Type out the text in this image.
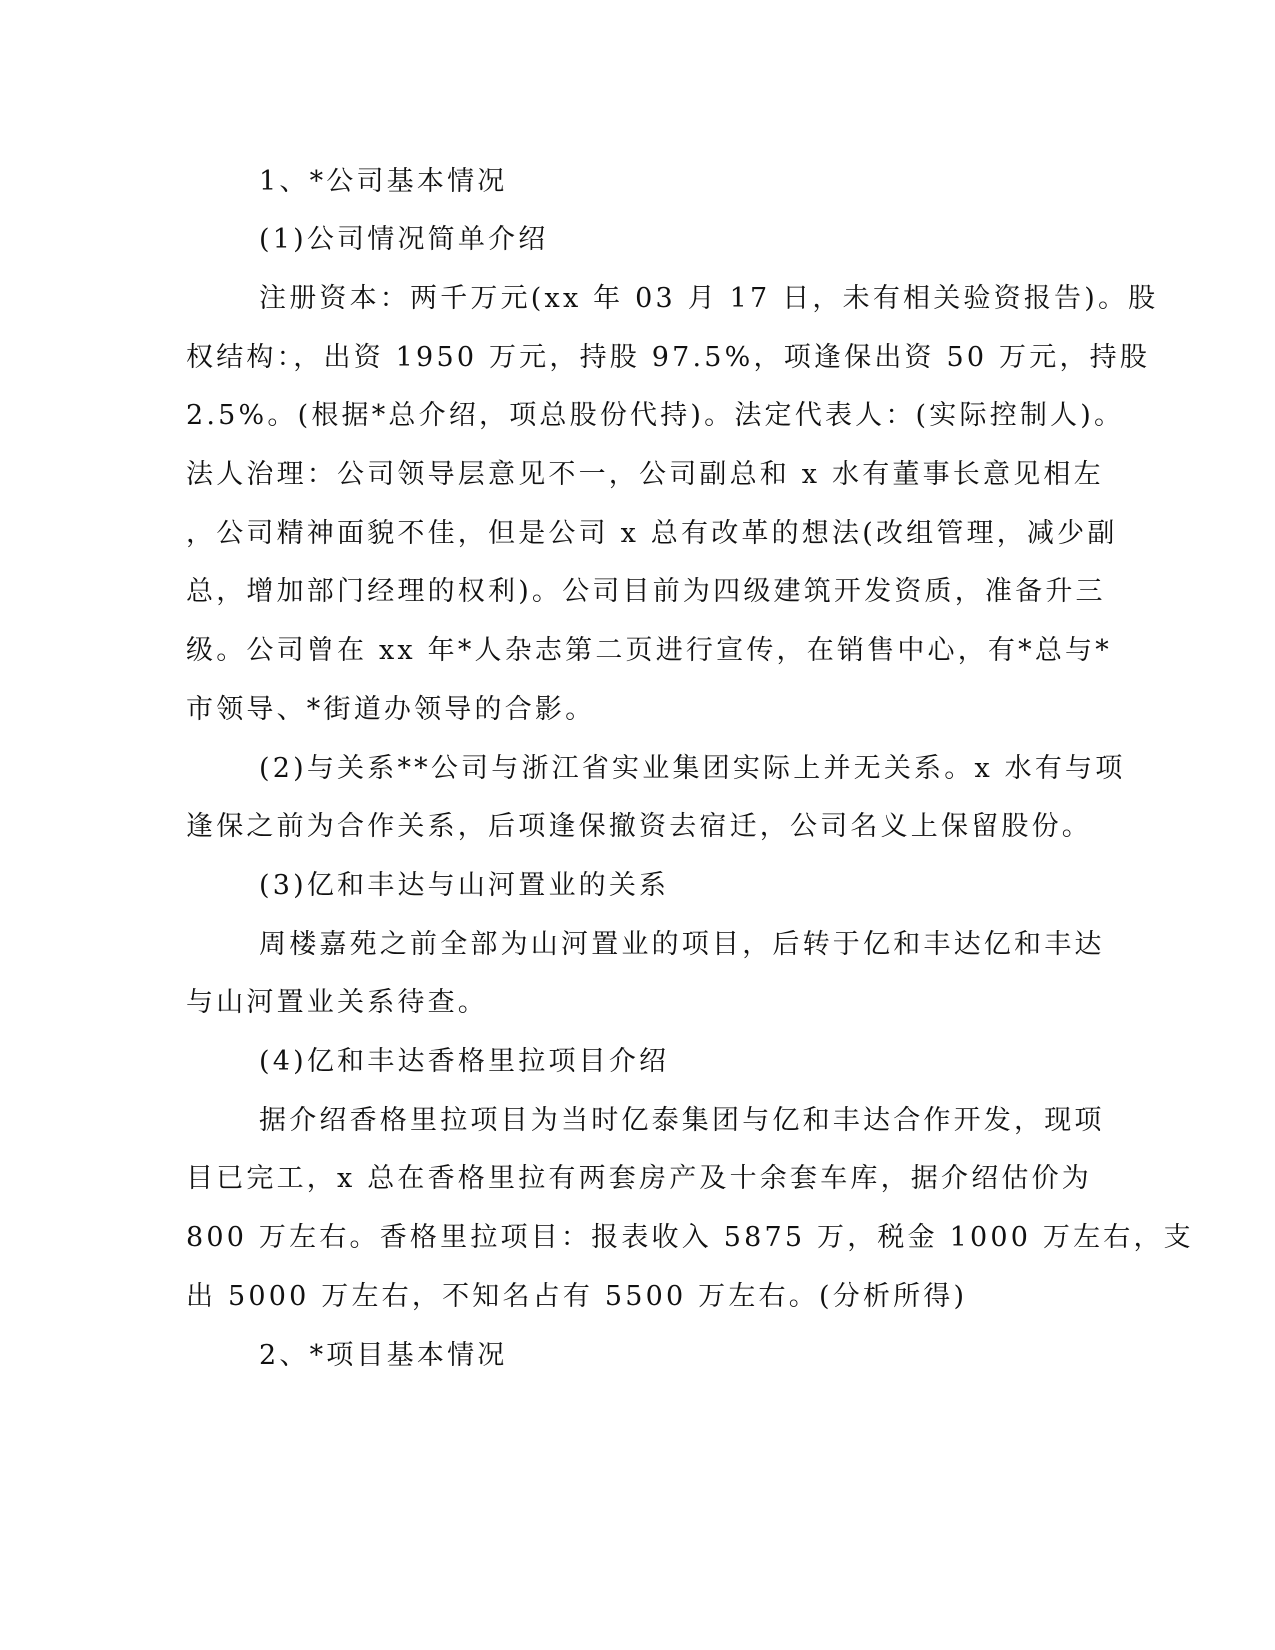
1、*公司基本情况
(1)公司情况简单介绍
注册资本：两千万元(xx 年 03 月 17 日，未有相关验资报告)。股
权结构：，出资 1950 万元，持股 97.5%，项逢保出资 50 万元，持股
2.5%。(根据*总介绍，项总股份代持)。法定代表人：(实际控制人)。
法人治理：公司领导层意见不一，公司副总和 x 水有董事长意见相左
，公司精神面貌不佳，但是公司 x 总有改革的想法(改组管理，减少副
总，增加部门经理的权利)。公司目前为四级建筑开发资质，准备升三
级。公司曾在 xx 年*人杂志第二页进行宣传，在销售中心，有*总与*
市领导、*街道办领导的合影。
(2)与关系**公司与浙江省实业集团实际上并无关系。x 水有与项
逢保之前为合作关系，后项逢保撤资去宿迁，公司名义上保留股份。
(3)亿和丰达与山河置业的关系
周楼嘉苑之前全部为山河置业的项目，后转于亿和丰达亿和丰达
与山河置业关系待查。
(4)亿和丰达香格里拉项目介绍
据介绍香格里拉项目为当时亿泰集团与亿和丰达合作开发，现项
目已完工，x 总在香格里拉有两套房产及十余套车库，据介绍估价为
800 万左右。香格里拉项目：报表收入 5875 万，税金 1000 万左右，支
出 5000 万左右，不知名占有 5500 万左右。(分析所得)
2、*项目基本情况
